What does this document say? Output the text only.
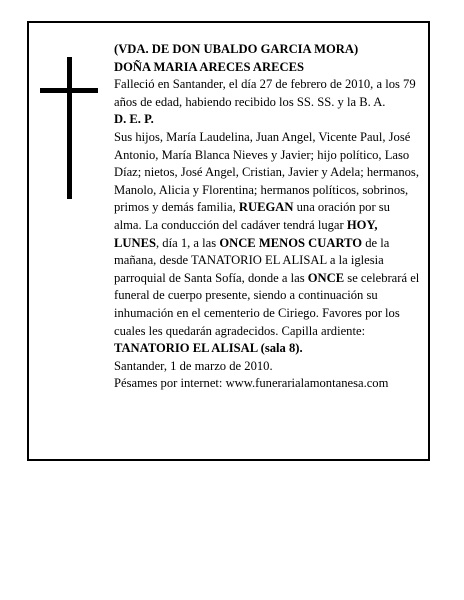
(VDA. DE DON UBALDO GARCIA MORA)

DOÑA MARIA ARECES ARECES

Falleció en Santander, el día 27 de febrero de 2010, a los 79 años de edad, habiendo recibido los SS. SS. y la B. A.

D. E. P.

Sus hijos, María Laudelina, Juan Angel, Vicente Paul, José Antonio, María Blanca Nieves y Javier; hijo político, Laso Díaz; nietos, José Angel, Cristian, Javier y Adela; hermanos, Manolo, Alicia y Florentina; hermanos políticos, sobrinos, primos y demás familia, RUEGAN una oración por su alma. La conducción del cadáver tendrá lugar HOY, LUNES, día 1, a las ONCE MENOS CUARTO de la mañana, desde TANATORIO EL ALISAL a la iglesia parroquial de Santa Sofía, donde a las ONCE se celebrará el funeral de cuerpo presente, siendo a continuación su inhumación en el cementerio de Ciriego. Favores por los cuales les quedarán agradecidos. Capilla ardiente:

TANATORIO EL ALISAL (sala 8).

Santander, 1 de marzo de 2010.

Pésames por internet: www.funerarialamontanesa.com
